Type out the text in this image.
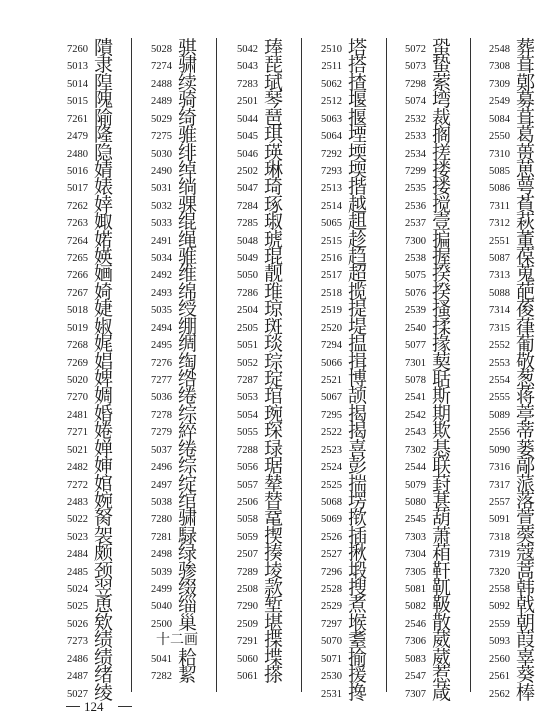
7260 隤
5013 隶
5014 隍
5015 隗
7261 隃
2479 隆
2480 隐
5016 婧
5017 婊
7262 婞
7263 娵
7264 婼
7265 媖
7266 婳
7267 婍
5018 婕
5019 婌
7268 娓
7269 娼
5020 婢
7270 婤
2481 婚
7271 婘
5021 婵
2482 婶
7272 婠
2483 婉
5022 胬
5023 袈
2484 颇
2485 颈
5024 翌
5025 恿
5026 欸
7273 绩
2486 绩
2487 绪
5027 绫
5028 骐
7274 骕
2488 续
2489 骑
5029 绮
7275 骓
5030 绯
2490 绰
5031 绱
5032 骒
5033 绲
2491 绳
5034 骓
2492 维
2493 绵
5035 绶
2494 绷
2495 绸
7276 绹
7277 绺
5036 绻
7278 综
7279 綷
5037 绻
2496 综
2497 绽
5038 绾
7280 骕
7281 騄
2498 绿
5039 骖
2499 缀
5040 缁
2500 巢
十二画
5041 耠
7282 絜
5042 琫
5043 琵
7283 珷
2501 琴
5044 琶
5045 琪
5046 瑛
2502 琳
5047 琦
7284 琢
7285 琡
5048 琥
5049 琨
5050 靓
7286 琟
2504 琼
2505 斑
5051 琰
5052 琮
7287 琔
5053 琯
5054 琬
5055 琛
7288 琭
5056 琚
5057 辇
2506 替
5058 鼋
5059 揳
2507 揍
7289 堎
2508 款
7290 堑
2509 堪
7291 揲
5060 堞
5061 搽
2510 塔
2511 搭
5062 揸
2512 堰
5063 揠
5064 堙
7292 堧
7293 堧
2513 揩
2514 越
5065 趄
2515 趁
2516 趋
2517 超
2518 揽
2519 提
2520 堤
7294 揾
5066 揖
2521 博
5067 颉
7295 揭
2522 揭
2523 喜
2524 彭
2525 揣
5068 塄
5069 揿
2526 插
2527 揪
7296 塅
2528 搜
2529 煮
7297 堠
5070 耋
5071 揄
2530 援
2531 搀
5072 蛩
5073 蛰
7298 萦
5074 塆
2532 裁
2533 搁
2534 搓
7299 搂
2535 搂
2536 搅
2537 壹
7300 揙
2538 握
5075 揆
5076 揆
2539 搔
2540 揉
5077 掾
7301 葜
5078 聒
2541 斯
2542 期
2543 欺
7302 惎
2544 联
5079 葑
5080 葚
2545 葫
7303 萧
7304 葙
7305 靬
5081 靰
5082 靸
2546 散
7306 葳
5083 葳
2547 惹
7307 葴
2548 葬
7308 葺
7309 鄚
2549 募
5084 葺
2550 葛
7310 蒉
5085 葸
5086 萼
7311 萯
7312 萩
2551 董
5087 葆
7313 蒐
5088 葩
7314 葰
7315 葎
2552 葡
2553 敬
2554 葱
2555 蒋
5089 葶
2556 蒂
5090 蒌
7316 鄗
7317 蒎
2557 落
5091 萱
7318 葖
7319 蔻
7320 蒿
2558 韩
5092 戟
2559 朝
5093 葭
2560 辜
2561 葵
2562 棒
124
